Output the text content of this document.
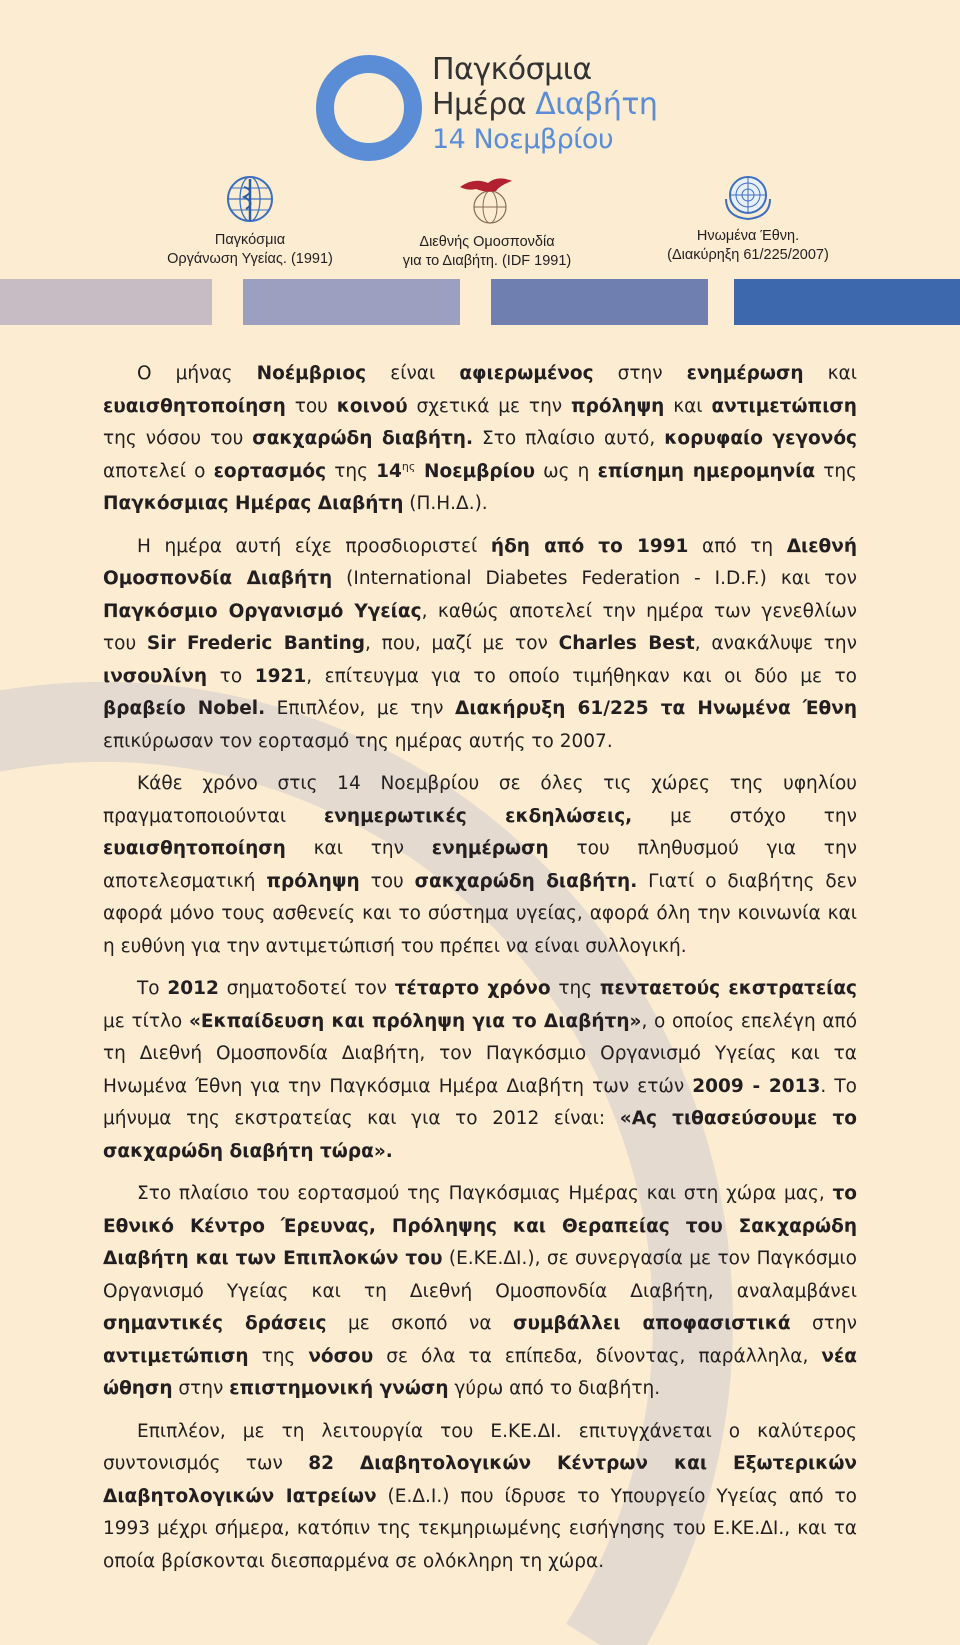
Παγκόσμια
Ημέρα Διαβήτη
14 Νοεμβρίου
Παγκόσμια
Οργάνωση Υγείας. (1991)
Διεθνής Ομοσπονδία
για το Διαβήτη. (IDF 1991)
Ηνωμένα Έθνη.
(Διακύρηξη 61/225/2007)

Ο μήνας Νοέμβριος είναι αφιερωμένος στην ενημέρωση και ευαισθητοποίηση του κοινού σχετικά με την πρόληψη και αντιμετώπιση της νόσου του σακχαρώδη διαβήτη. Στο πλαίσιο αυτό, κορυφαίο γεγονός αποτελεί ο εορτασμός της $14^{\eta\varsigma}$ Νοεμβρίου ως η επίσημη ημερομηνία της Παγκόσμιας Ημέρας Διαβήτη (Π.Η.Δ.).

Η ημέρα αυτή είχε προσδιοριστεί ήδη από το 1991 από τη Διεθνή Ομοσπονδία Διαβήτη (International Diabetes Federation - I.D.F.) και τον Παγκόσμιο Οργανισμό Υγείας, καθώς αποτελεί την ημέρα των γενεθλίων του Sir Frederic Banting, που, μαζί με τον Charles Best, ανακάλυψε την ινσουλίνη το 1921, επίτευγμα για το οποίο τιμήθηκαν και οι δύο με το βραβείο Nobel. Επιπλέον, με την Διακήρυξη 61/225 τα Ηνωμένα Έθνη επικύρωσαν τον εορτασμό της ημέρας αυτής το 2007.

Κάθε χρόνο στις 14 Νοεμβρίου σε όλες τις χώρες της υφηλίου πραγματοποιούνται ενημερωτικές εκδηλώσεις, με στόχο την ευαισθητοποίηση και την ενημέρωση του πληθυσμού για την αποτελεσματική πρόληψη του σακχαρώδη διαβήτη. Γιατί ο διαβήτης δεν αφορά μόνο τους ασθενείς και το σύστημα υγείας, αφορά όλη την κοινωνία και η ευθύνη για την αντιμετώπισή του πρέπει να είναι συλλογική.

Το 2012 σηματοδοτεί τον τέταρτο χρόνο της πενταετούς εκστρατείας με τίτλο «Εκπαίδευση και πρόληψη για το Διαβήτη», ο οποίος επελέγη από τη Διεθνή Ομοσπονδία Διαβήτη, τον Παγκόσμιο Οργανισμό Υγείας και τα Ηνωμένα Έθνη για την Παγκόσμια Ημέρα Διαβήτη των ετών 2009 - 2013. Το μήνυμα της εκστρατείας και για το 2012 είναι: «Ας τιθασεύσουμε το σακχαρώδη διαβήτη τώρα».

Στο πλαίσιο του εορτασμού της Παγκόσμιας Ημέρας και στη χώρα μας, το Εθνικό Κέντρο Έρευνας, Πρόληψης και Θεραπείας του Σακχαρώδη Διαβήτη και των Επιπλοκών του (Ε.ΚΕ.ΔΙ.), σε συνεργασία με τον Παγκόσμιο Οργανισμό Υγείας και τη Διεθνή Ομοσπονδία Διαβήτη, αναλαμβάνει σημαντικές δράσεις με σκοπό να συμβάλλει αποφασιστικά στην αντιμετώπιση της νόσου σε όλα τα επίπεδα, δίνοντας, παράλληλα, νέα ώθηση στην επιστημονική γνώση γύρω από το διαβήτη.

Επιπλέον, με τη λειτουργία του Ε.ΚΕ.ΔΙ. επιτυγχάνεται ο καλύτερος συντονισμός των 82 Διαβητολογικών Κέντρων και Εξωτερικών Διαβητολογικών Ιατρείων (Ε.Δ.Ι.) που ίδρυσε το Υπουργείο Υγείας από το 1993 μέχρι σήμερα, κατόπιν της τεκμηριωμένης εισήγησης του Ε.ΚΕ.ΔΙ., και τα οποία βρίσκονται διεσπαρμένα σε ολόκληρη τη χώρα.
